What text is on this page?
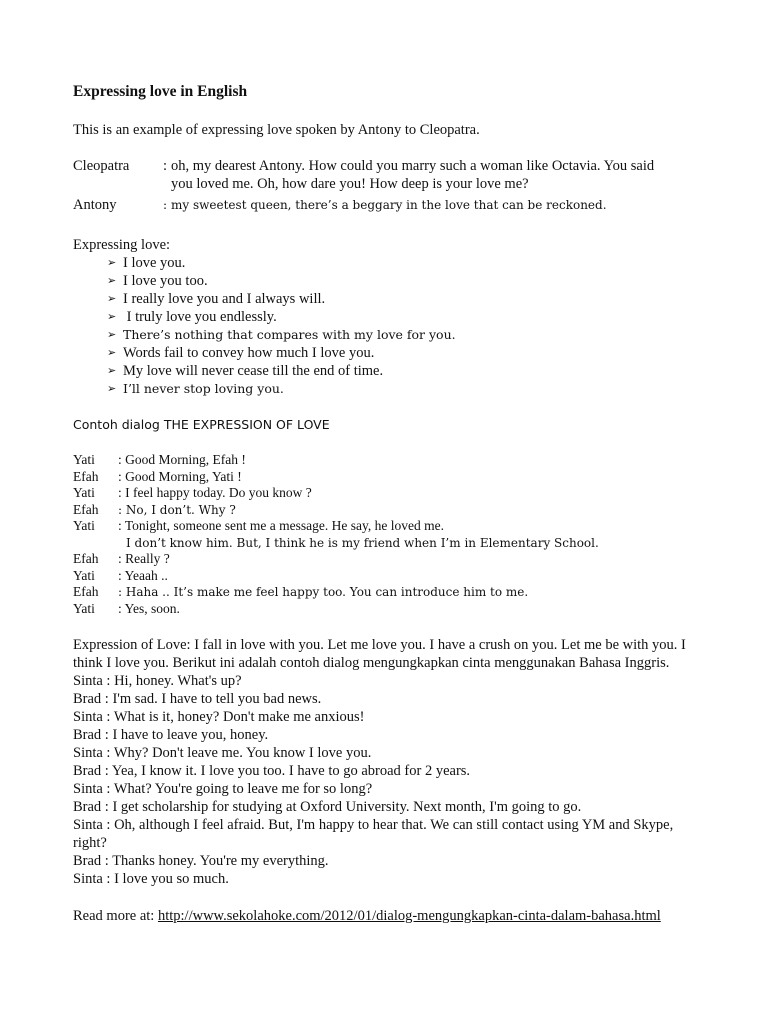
Expressing love in English

This is an example of expressing love spoken by Antony to Cleopatra.

Cleopatra	: oh, my dearest Antony. How could you marry such a woman like Octavia. You said
you loved me. Oh, how dare you! How deep is your love me?
Antony	: my sweetest queen, there’s a beggary in the love that can be reckoned.
Expressing love:
➢ I love you.
➢ I love you too.
➢ I really love you and I always will.
➢ I truly love you endlessly.
➢ There’s nothing that compares with my love for you.
➢ Words fail to convey how much I love you.
➢ My love will never cease till the end of time.
➢ I’ll never stop loving you.
Contoh dialog THE EXPRESSION OF LOVE
Yati	: Good Morning, Efah !
Efah	: Good Morning, Yati !
Yati	: I feel happy today. Do you know ?
Efah	: No, I don’t. Why ?
Yati	: Tonight, someone sent me a message. He say, he loved me.
I don’t know him. But, I think he is my friend when I’m in Elementary School.
Efah	: Really ?
Yati	: Yeaah ..
Efah	: Haha .. It’s make me feel happy too. You can introduce him to me.
Yati	: Yes, soon.

Expression of Love: I fall in love with you. Let me love you. I have a crush on you. Let me be with you. I think I love you. Berikut ini adalah contoh dialog mengungkapkan cinta menggunakan Bahasa Inggris.

Sinta : Hi, honey. What's up?

Brad : I'm sad. I have to tell you bad news.

Sinta : What is it, honey? Don't make me anxious!

Brad : I have to leave you, honey.

Sinta : Why? Don't leave me. You know I love you.

Brad : Yea, I know it. I love you too. I have to go abroad for 2 years.

Sinta : What? You're going to leave me for so long?

Brad : I get scholarship for studying at Oxford University. Next month, I'm going to go.

Sinta : Oh, although I feel afraid. But, I'm happy to hear that. We can still contact using YM and Skype, right?

Brad : Thanks honey. You're my everything.

Sinta : I love you so much.

Read more at: http://www.sekolahoke.com/2012/01/dialog-mengungkapkan-cinta-dalam-bahasa.html
